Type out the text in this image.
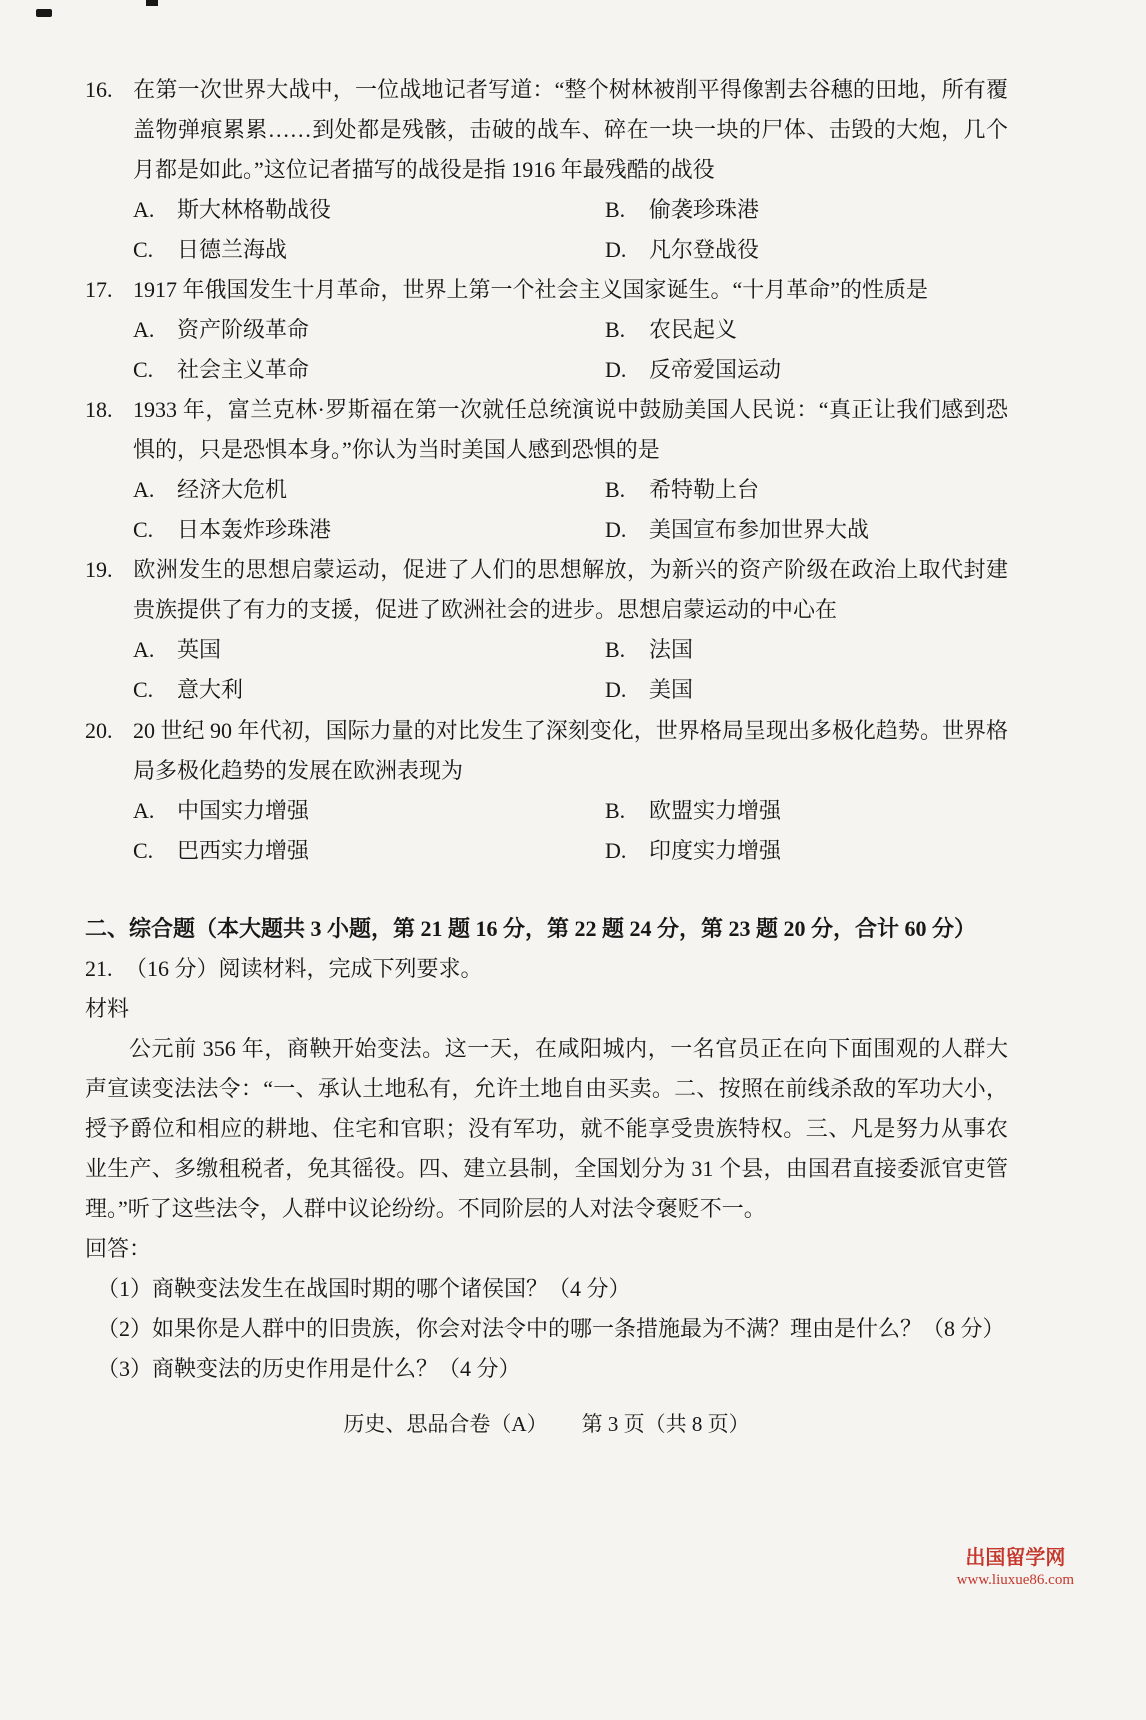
16. 在第一次世界大战中，一位战地记者写道：“整个树林被削平得像割去谷穗的田地，所有覆盖物弹痕累累……到处都是残骸，击破的战车、碎在一块一块的尸体、击毁的大炮，几个月都是如此。”这位记者描写的战役是指 1916 年最残酷的战役

A. 斯大林格勒战役	B. 偷袭珍珠港
C. 日德兰海战	D. 凡尔登战役

17. 1917 年俄国发生十月革命，世界上第一个社会主义国家诞生。“十月革命”的性质是

A. 资产阶级革命	B. 农民起义
C. 社会主义革命	D. 反帝爱国运动

18. 1933 年，富兰克林·罗斯福在第一次就任总统演说中鼓励美国人民说：“真正让我们感到恐惧的，只是恐惧本身。”你认为当时美国人感到恐惧的是

A. 经济大危机	B. 希特勒上台
C. 日本轰炸珍珠港	D. 美国宣布参加世界大战

19. 欧洲发生的思想启蒙运动，促进了人们的思想解放，为新兴的资产阶级在政治上取代封建贵族提供了有力的支援，促进了欧洲社会的进步。思想启蒙运动的中心在

A. 英国	B. 法国
C. 意大利	D. 美国

20. 20 世纪 90 年代初，国际力量的对比发生了深刻变化，世界格局呈现出多极化趋势。世界格局多极化趋势的发展在欧洲表现为

A. 中国实力增强	B. 欧盟实力增强
C. 巴西实力增强	D. 印度实力增强

二、综合题（本大题共 3 小题，第 21 题 16 分，第 22 题 24 分，第 23 题 20 分，合计 60 分）

21. （16 分）阅读材料，完成下列要求。

材料

公元前 356 年，商鞅开始变法。这一天，在咸阳城内，一名官员正在向下面围观的人群大声宣读变法法令：“一、承认土地私有，允许土地自由买卖。二、按照在前线杀敌的军功大小，授予爵位和相应的耕地、住宅和官职；没有军功，就不能享受贵族特权。三、凡是努力从事农业生产、多缴租税者，免其徭役。四、建立县制，全国划分为 31 个县，由国君直接委派官吏管理。”听了这些法令，人群中议论纷纷。不同阶层的人对法令褒贬不一。

回答：

（1）商鞅变法发生在战国时期的哪个诸侯国？（4 分）

（2）如果你是人群中的旧贵族，你会对法令中的哪一条措施最为不满？理由是什么？（8 分）

（3）商鞅变法的历史作用是什么？（4 分）

历史、思品合卷（A） 第 3 页（共 8 页）

出国留学网
www.liuxue86.com
